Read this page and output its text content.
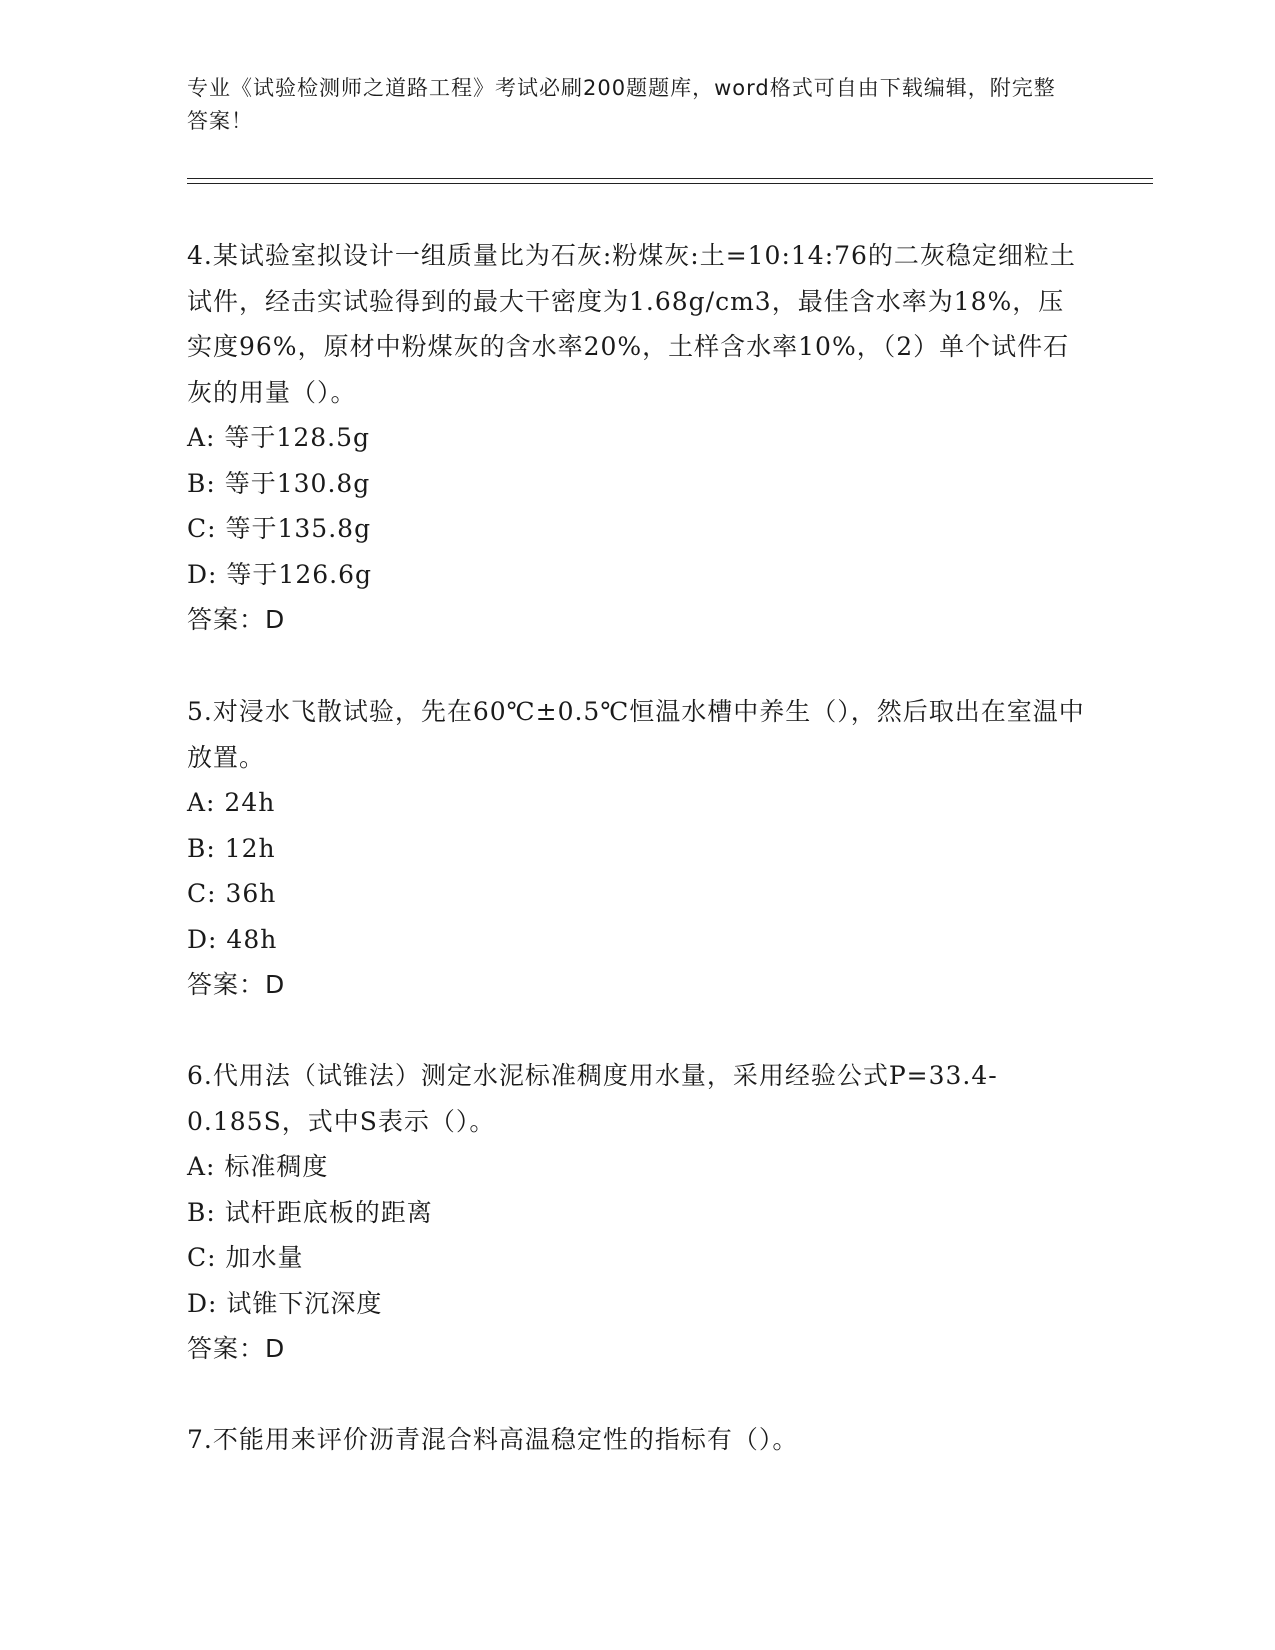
专业《试验检测师之道路工程》考试必刷200题题库，word格式可自由下载编辑，附完整答案！

4.某试验室拟设计一组质量比为石灰:粉煤灰:土=10:14:76的二灰稳定细粒土试件，经击实试验得到的最大干密度为1.68g/cm3，最佳含水率为18%，压实度96%，原材中粉煤灰的含水率20%，土样含水率10%，（2）单个试件石灰的用量（）。

A: 等于128.5g

B: 等于130.8g

C: 等于135.8g

D: 等于126.6g

答案：D

5.对浸水飞散试验，先在60℃±0.5℃恒温水槽中养生（），然后取出在室温中放置。

A: 24h

B: 12h

C: 36h

D: 48h

答案：D

6.代用法（试锥法）测定水泥标准稠度用水量，采用经验公式P=33.4-0.185S，式中S表示（）。

A: 标准稠度

B: 试杆距底板的距离

C: 加水量

D: 试锥下沉深度

答案：D

7.不能用来评价沥青混合料高温稳定性的指标有（）。
